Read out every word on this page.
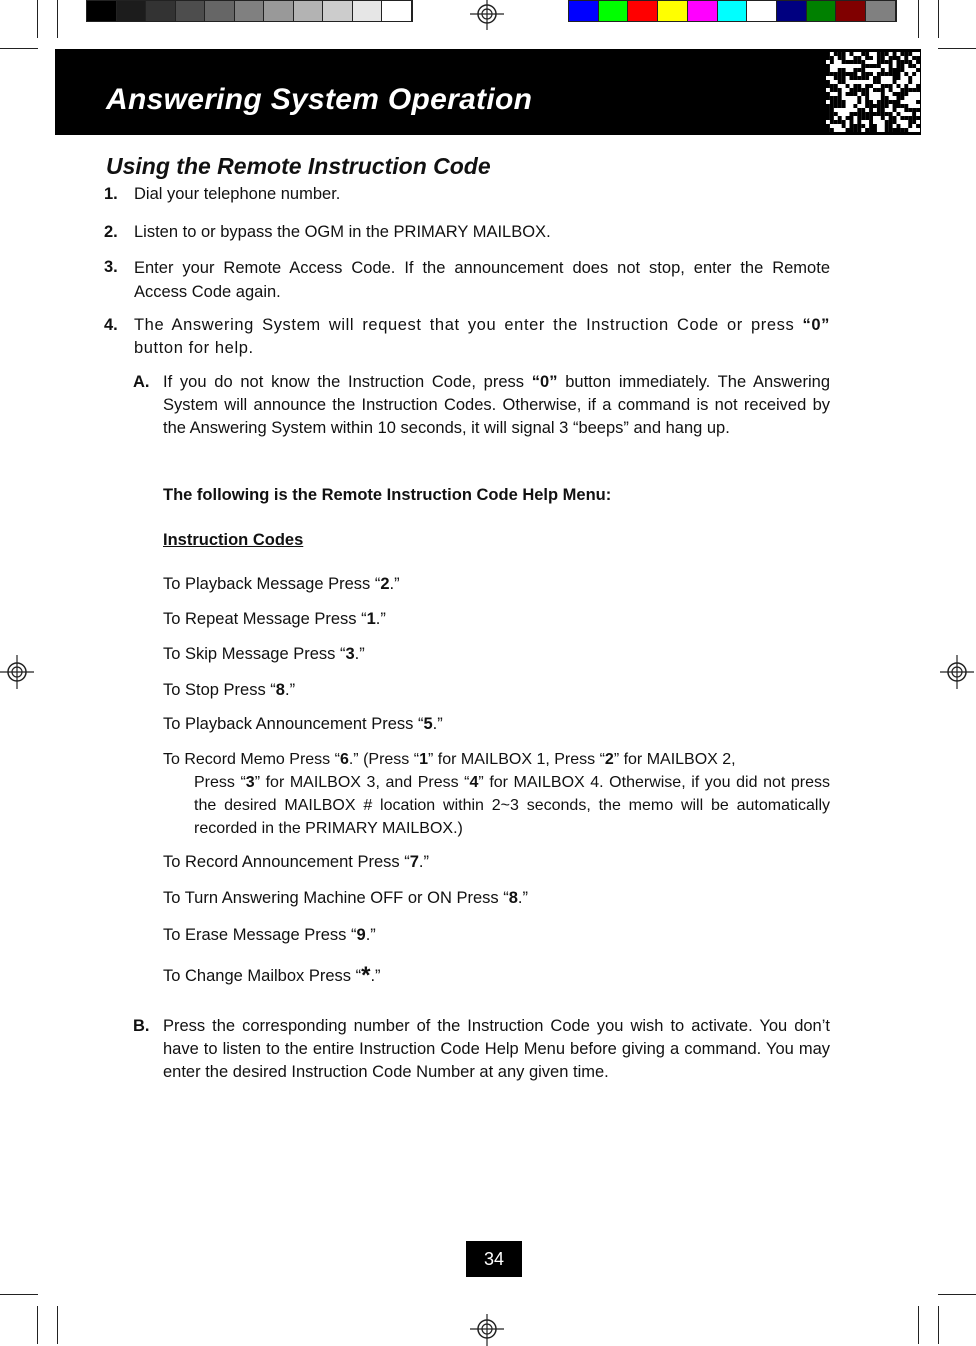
Answering System Operation
Using the Remote Instruction Code
1. Dial your telephone number.
2. Listen to or bypass the OGM in the PRIMARY MAILBOX.
3. Enter your Remote Access Code. If the announcement does not stop, enter the Remote Access Code again.
4. The Answering System will request that you enter the Instruction Code or press “0” button for help.
A. If you do not know the Instruction Code, press “0” button immediately. The Answering System will announce the Instruction Codes. Otherwise, if a command is not received by the Answering System within 10 seconds, it will signal 3 “beeps” and hang up.
The following is the Remote Instruction Code Help Menu:
Instruction Codes
To Playback Message Press “2.”
To Repeat Message Press “1.”
To Skip Message Press “3.”
To Stop Press “8.”
To Playback Announcement Press “5.”
To Record Memo Press “6.” (Press “1” for MAILBOX 1, Press “2” for MAILBOX 2,
Press “3” for MAILBOX 3, and Press “4” for MAILBOX 4. Otherwise, if you did not press the desired MAILBOX # location within 2~3 seconds, the memo will be automatically recorded in the PRIMARY MAILBOX.)
To Record Announcement Press “7.”
To Turn Answering Machine OFF or ON Press “8.”
To Erase Message Press “9.”
To Change Mailbox Press “*.”
B. Press the corresponding number of the Instruction Code you wish to activate. You don’t have to listen to the entire Instruction Code Help Menu before giving a command. You may enter the desired Instruction Code Number at any given time.
34
